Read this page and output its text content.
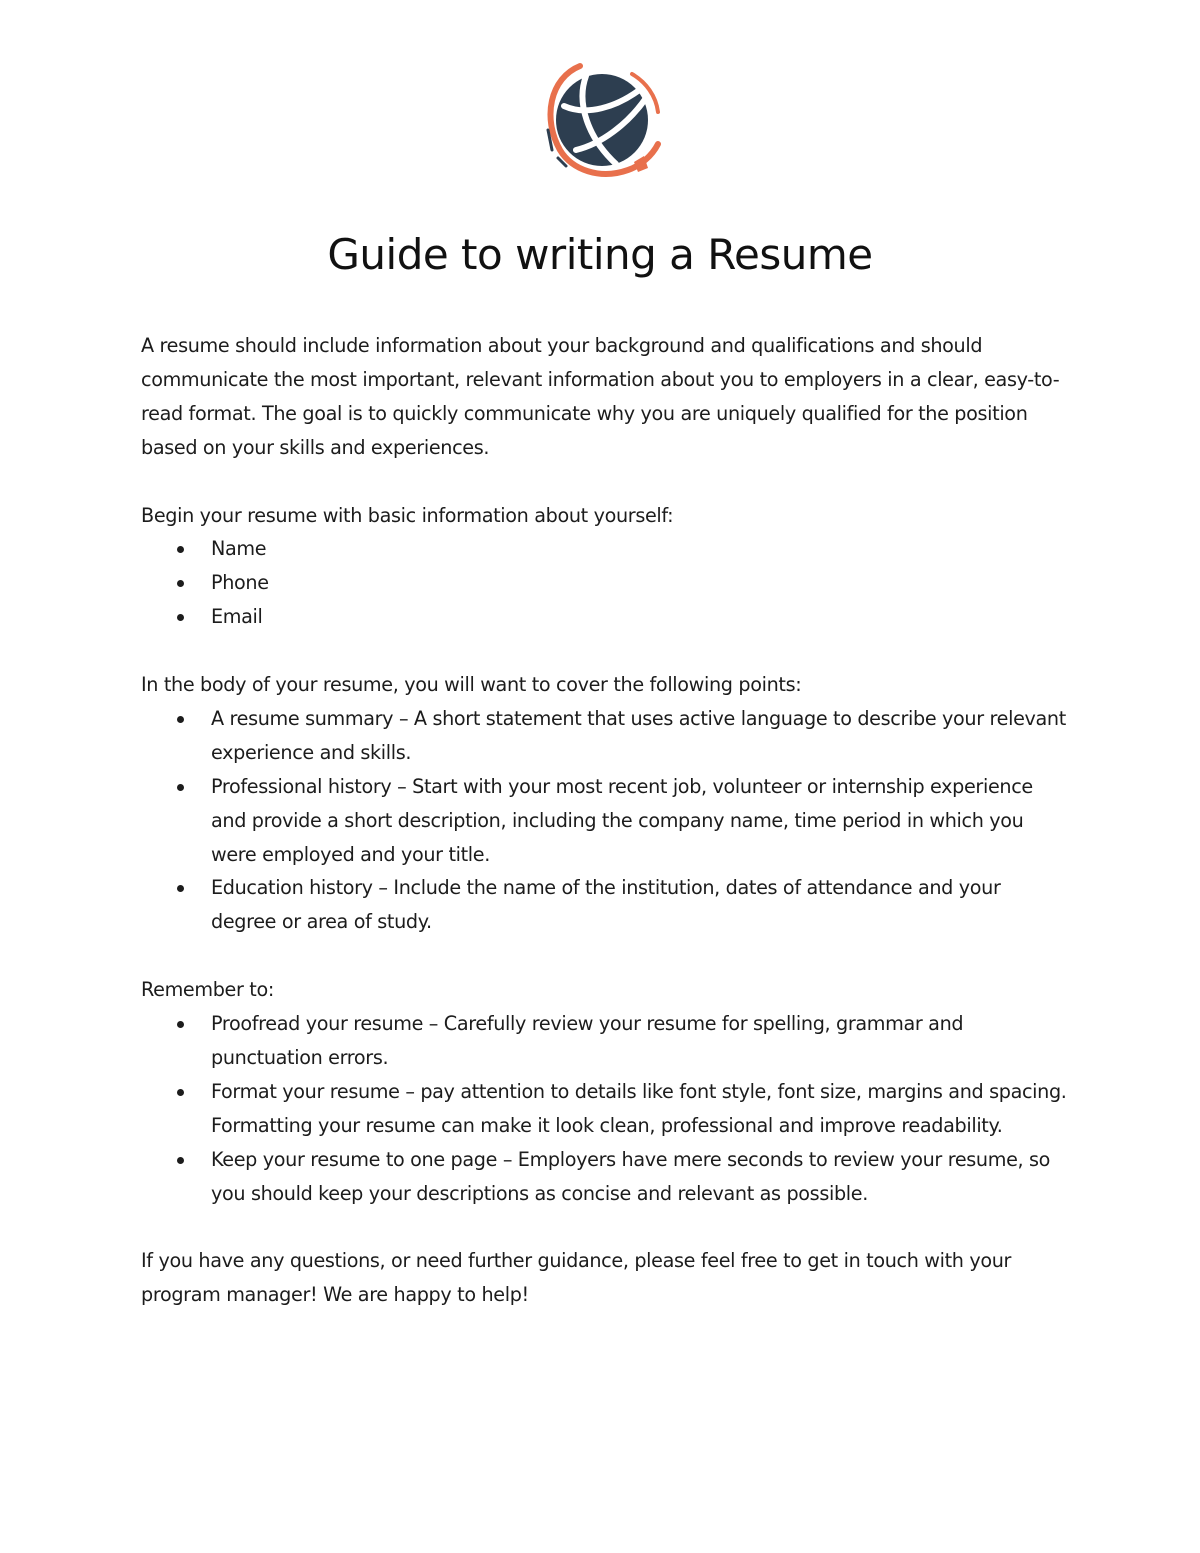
Guide to writing a Resume

A resume should include information about your background and qualifications and should communicate the most important, relevant information about you to employers in a clear, easy-to-read format. The goal is to quickly communicate why you are uniquely qualified for the position based on your skills and experiences.

Begin your resume with basic information about yourself:

Name
Phone
Email

In the body of your resume, you will want to cover the following points:

A resume summary – A short statement that uses active language to describe your relevant experience and skills.
Professional history – Start with your most recent job, volunteer or internship experience and provide a short description, including the company name, time period in which you were employed and your title.
Education history – Include the name of the institution, dates of attendance and your degree or area of study.

Remember to:

Proofread your resume – Carefully review your resume for spelling, grammar and punctuation errors.
Format your resume – pay attention to details like font style, font size, margins and spacing. Formatting your resume can make it look clean, professional and improve readability.
Keep your resume to one page – Employers have mere seconds to review your resume, so you should keep your descriptions as concise and relevant as possible.

If you have any questions, or need further guidance, please feel free to get in touch with your program manager! We are happy to help!
